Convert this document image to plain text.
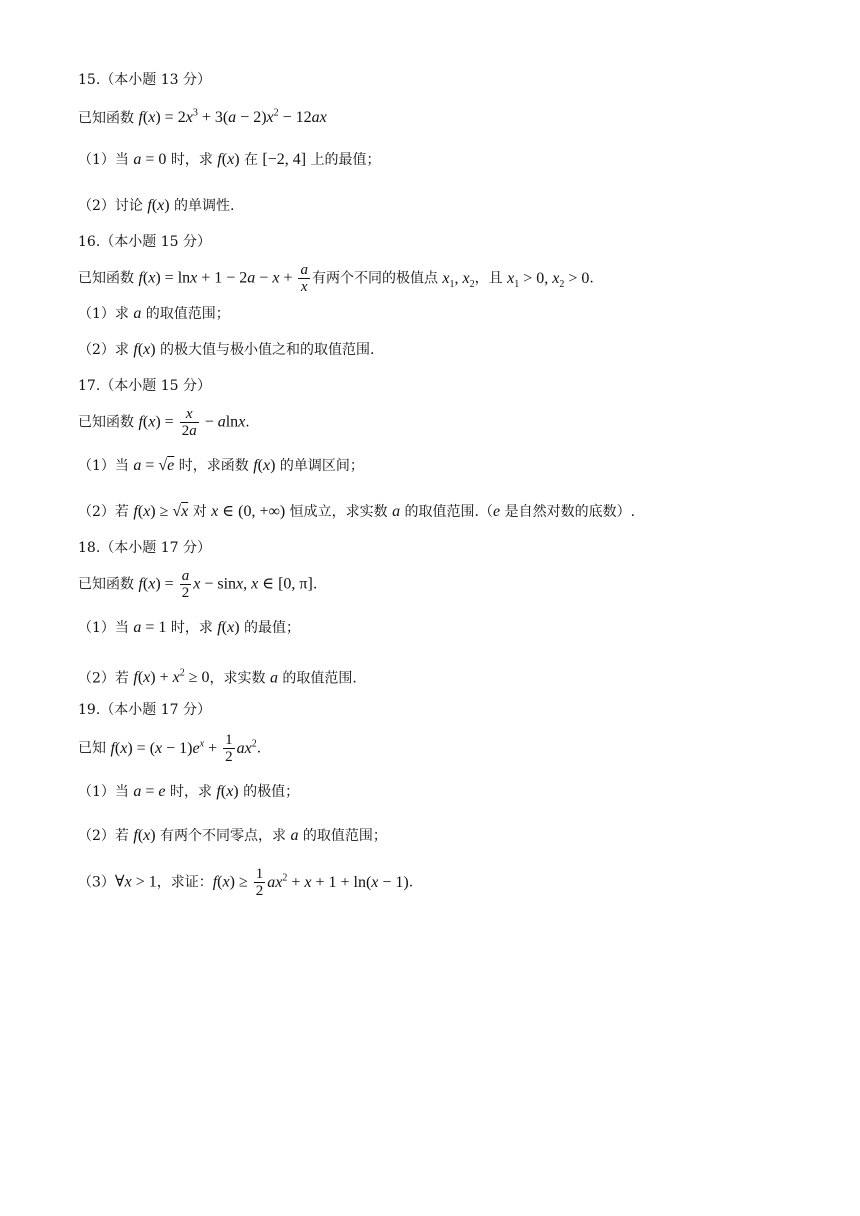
15.（本小题 13 分）
已知函数 $f(x) = 2x^3 + 3(a - 2)x^2 - 12ax$
（1）当 a = 0 时，求 f(x) 在 [−2, 4] 上的最值；
（2）讨论 f(x) 的单调性.
16.（本小题 15 分）
已知函数 $f(x) = \ln x + 1 - 2a - x + \frac{a}{x}$ 有两个不同的极值点 $x_1$, $x_2$，且 $x_1 > 0$, $x_2 > 0$.
（1）求 a 的取值范围；
（2）求 f(x) 的极大值与极小值之和的取值范围.
17.（本小题 15 分）
已知函数 $f(x) = \frac{x}{2a} - alnx$.
（1）当 a = √e 时，求函数 f(x) 的单调区间；
（2）若 f(x) ≥ √x 对 x ∈ (0, +∞) 恒成立，求实数 a 的取值范围.（e 是自然对数的底数）.
18.（本小题 17 分）
已知函数 $f(x) = \frac{a}{2}$ x − sinx, x ∈ [0, π].
（1）当 a = 1 时，求 f(x) 的最值；
（2）若 $f(x) + x^2 \ge 0$，求实数 a 的取值范围.
19.（本小题 17 分）
已知 $f(x) = (x - 1)e^x + \frac{1}{2} ax^2$.
（1）当 a = e 时，求 f(x) 的极值；
（2）若 f(x) 有两个不同零点，求 a 的取值范围；
（3）∀x > 1，求证：$f(x) \ge \frac{1}{2} ax^2 + x + 1 + \ln(x - 1)$.
